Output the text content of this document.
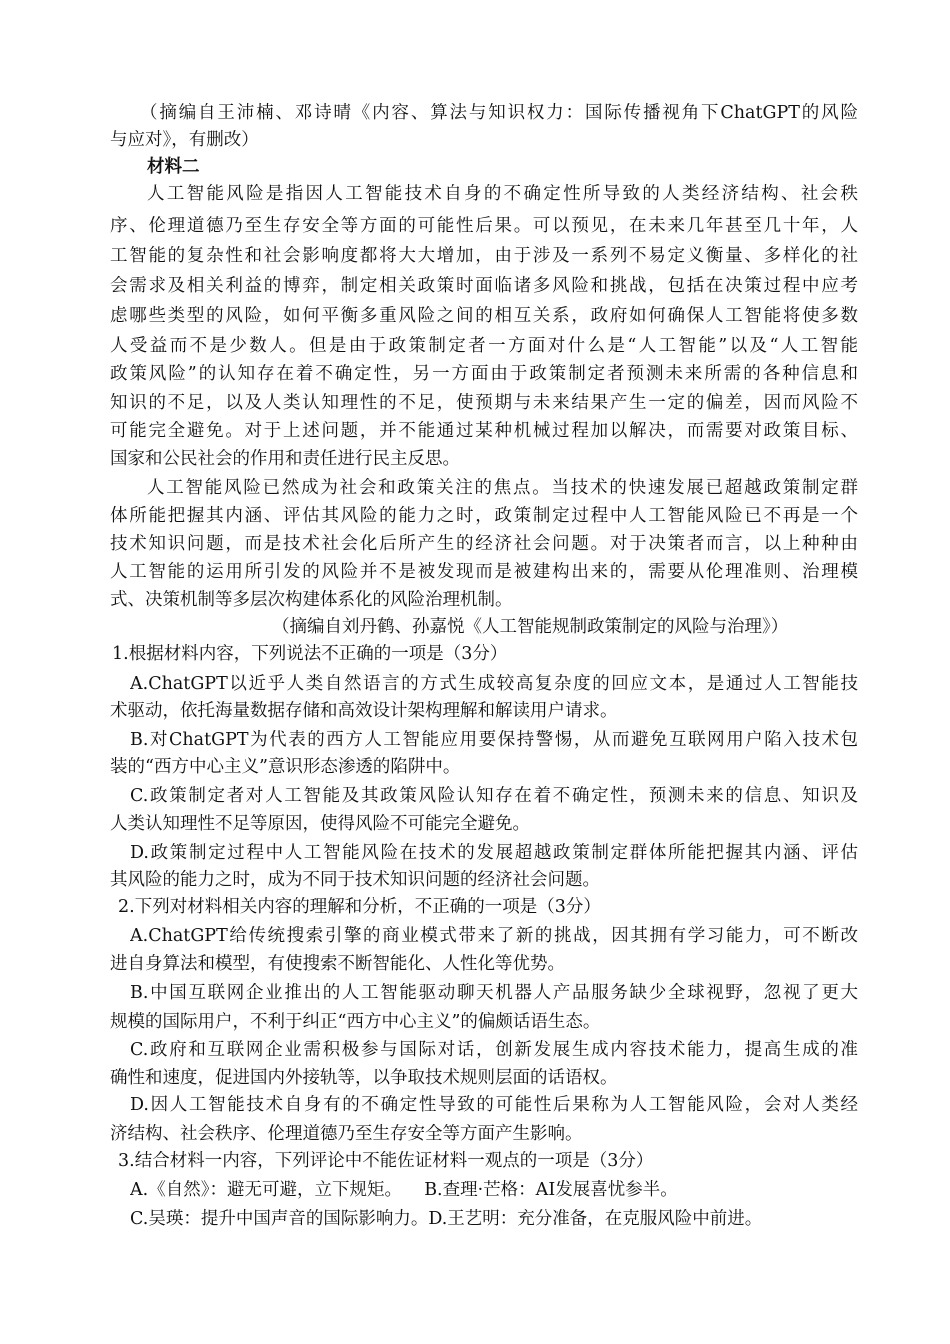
（摘编自王沛楠、邓诗晴《内容、算法与知识权力：国际传播视角下ChatGPT的风险
与应对》，有删改）
材料二
人工智能风险是指因人工智能技术自身的不确定性所导致的人类经济结构、社会秩
序、伦理道德乃至生存安全等方面的可能性后果。可以预见，在未来几年甚至几十年，人
工智能的复杂性和社会影响度都将大大增加，由于涉及一系列不易定义衡量、多样化的社
会需求及相关利益的博弈，制定相关政策时面临诸多风险和挑战，包括在决策过程中应考
虑哪些类型的风险，如何平衡多重风险之间的相互关系，政府如何确保人工智能将使多数
人受益而不是少数人。但是由于政策制定者一方面对什么是“人工智能”以及“人工智能
政策风险”的认知存在着不确定性，另一方面由于政策制定者预测未来所需的各种信息和
知识的不足，以及人类认知理性的不足，使预期与未来结果产生一定的偏差，因而风险不
可能完全避免。对于上述问题，并不能通过某种机械过程加以解决，而需要对政策目标、
国家和公民社会的作用和责任进行民主反思。
人工智能风险已然成为社会和政策关注的焦点。当技术的快速发展已超越政策制定群
体所能把握其内涵、评估其风险的能力之时，政策制定过程中人工智能风险已不再是一个
技术知识问题，而是技术社会化后所产生的经济社会问题。对于决策者而言，以上种种由
人工智能的运用所引发的风险并不是被发现而是被建构出来的，需要从伦理准则、治理模
式、决策机制等多层次构建体系化的风险治理机制。
（摘编自刘丹鹤、孙嘉悦《人工智能规制政策制定的风险与治理》）
1.根据材料内容，下列说法不正确的一项是（3分）
A.ChatGPT以近乎人类自然语言的方式生成较高复杂度的回应文本，是通过人工智能技
术驱动，依托海量数据存储和高效设计架构理解和解读用户请求。
B.对ChatGPT为代表的西方人工智能应用要保持警惕，从而避免互联网用户陷入技术包
装的“西方中心主义”意识形态渗透的陷阱中。
C.政策制定者对人工智能及其政策风险认知存在着不确定性，预测未来的信息、知识及
人类认知理性不足等原因，使得风险不可能完全避免。
D.政策制定过程中人工智能风险在技术的发展超越政策制定群体所能把握其内涵、评估
其风险的能力之时，成为不同于技术知识问题的经济社会问题。
2.下列对材料相关内容的理解和分析，不正确的一项是（3分）
A.ChatGPT给传统搜索引擎的商业模式带来了新的挑战，因其拥有学习能力，可不断改
进自身算法和模型，有使搜索不断智能化、人性化等优势。
B.中国互联网企业推出的人工智能驱动聊天机器人产品服务缺少全球视野，忽视了更大
规模的国际用户，不利于纠正“西方中心主义”的偏颇话语生态。
C.政府和互联网企业需积极参与国际对话，创新发展生成内容技术能力，提高生成的准
确性和速度，促进国内外接轨等，以争取技术规则层面的话语权。
D.因人工智能技术自身有的不确定性导致的可能性后果称为人工智能风险，会对人类经
济结构、社会秩序、伦理道德乃至生存安全等方面产生影响。
3.结合材料一内容，下列评论中不能佐证材料一观点的一项是（3分）
A.《自然》：避无可避，立下规矩。    B.查理·芒格：AI发展喜忧参半。
C.吴瑛：提升中国声音的国际影响力。D.王艺明：充分准备，在克服风险中前进。
